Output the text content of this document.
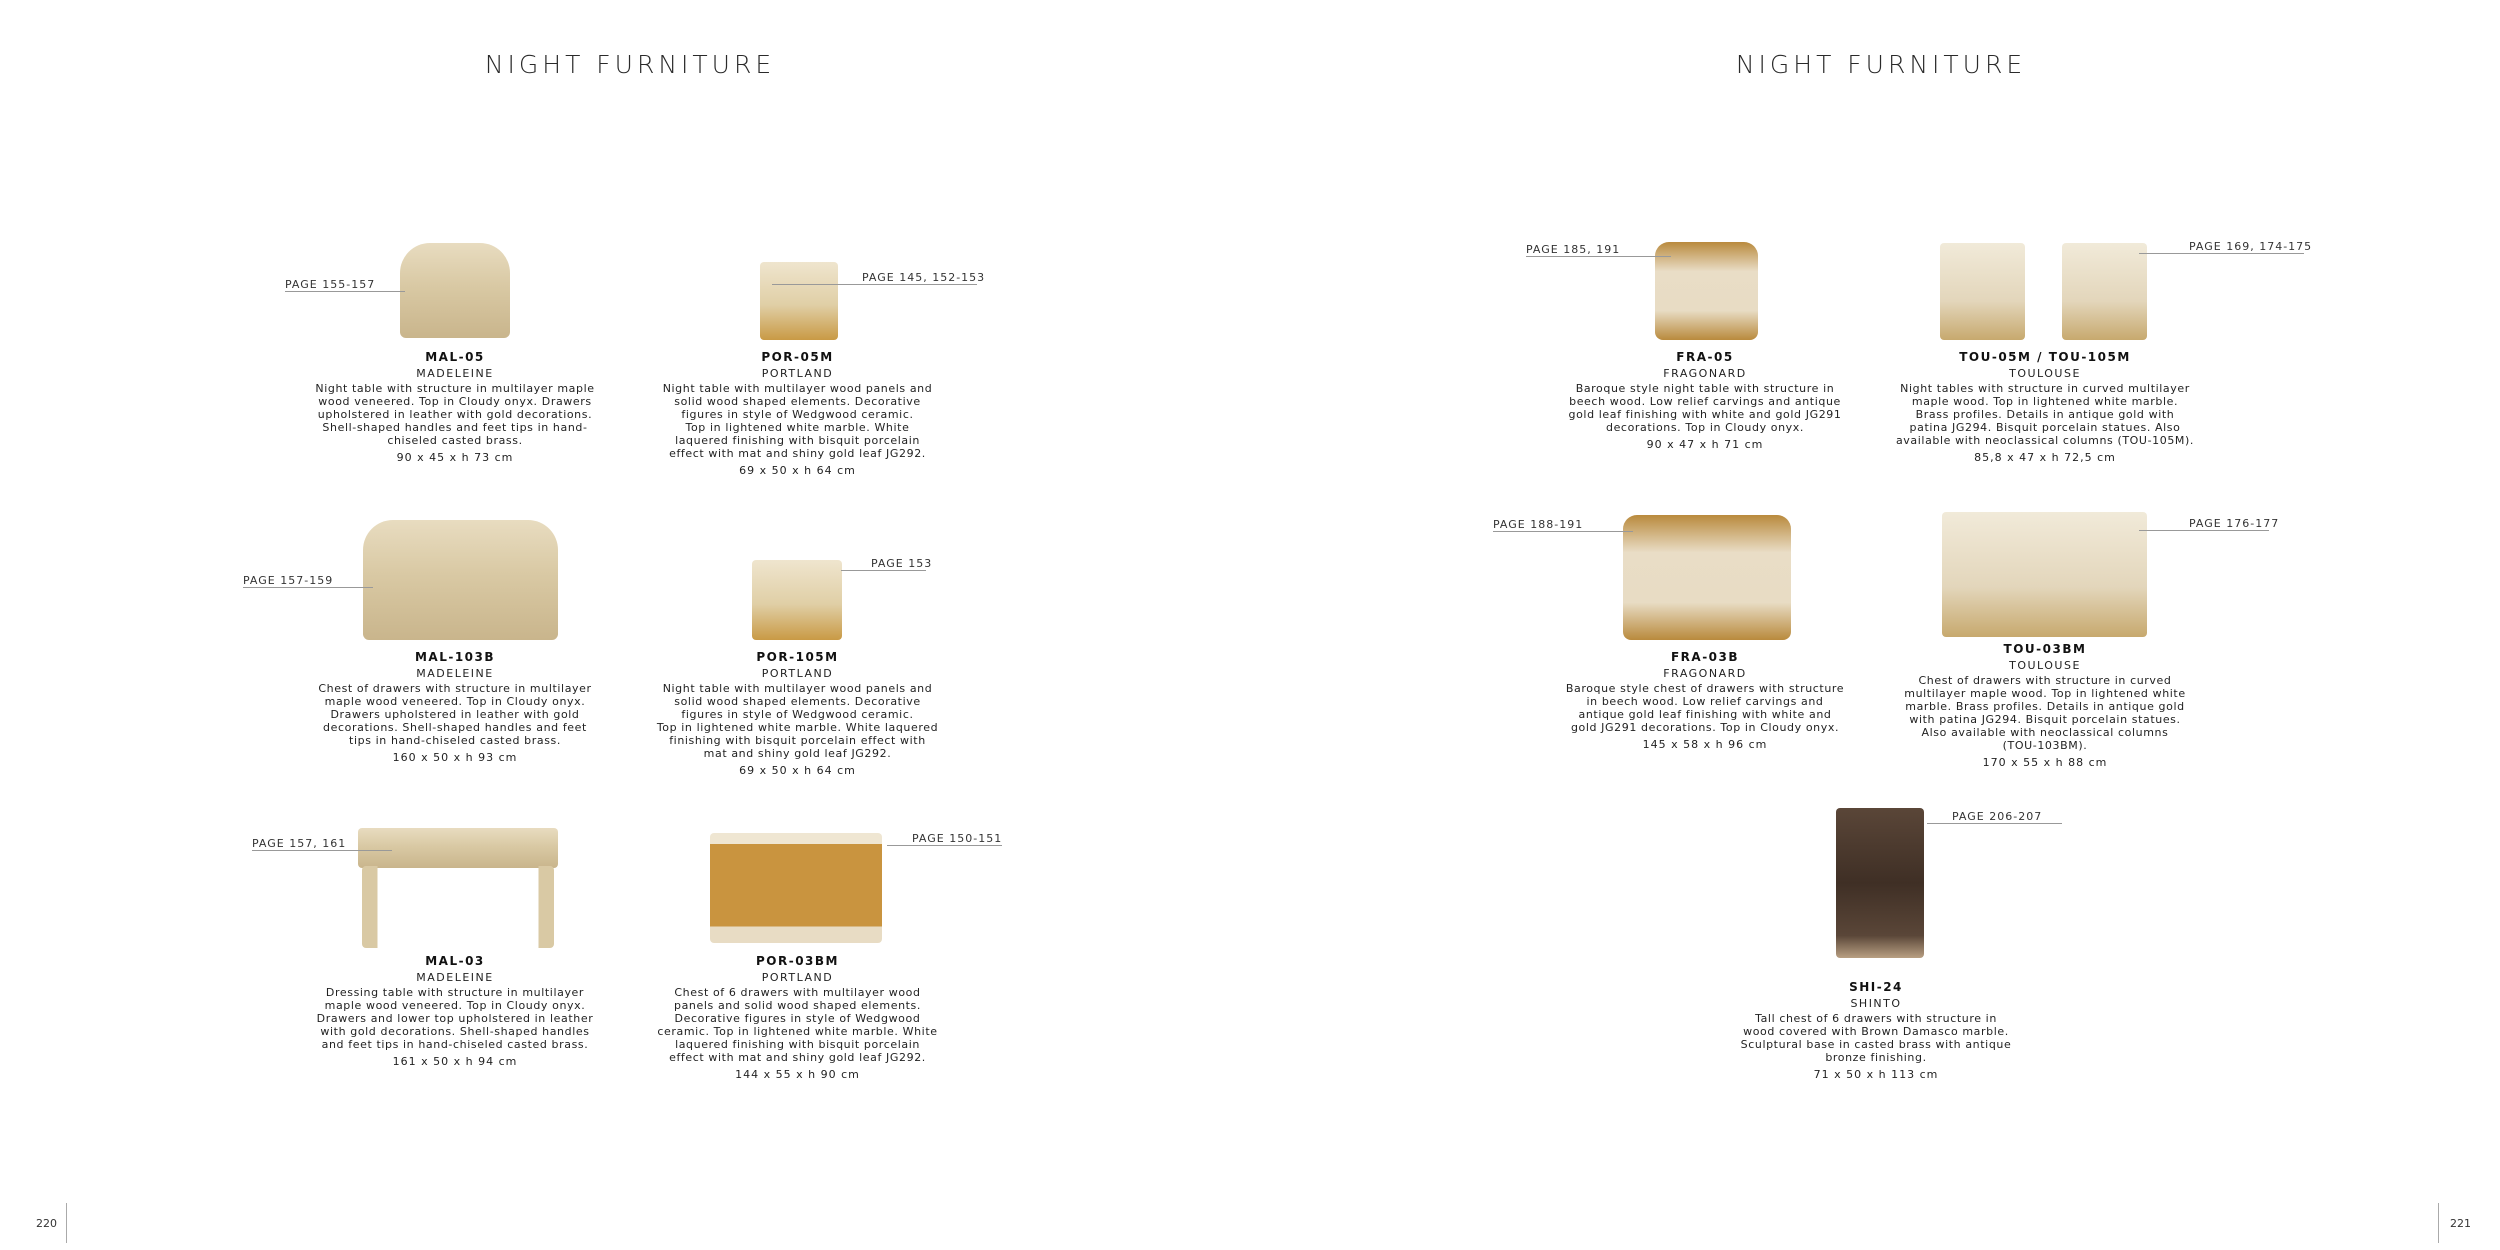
NIGHT FURNITURE
PAGE 155-157
MAL-05
MADELEINE
Night table with structure in multilayer maple
wood veneered. Top in Cloudy onyx. Drawers
upholstered in leather with gold decorations.
Shell-shaped handles and feet tips in hand-
chiseled casted brass.
90 x 45 x h 73 cm
PAGE 145, 152-153
POR-05M
PORTLAND
Night table with multilayer wood panels and
solid wood shaped elements. Decorative
figures in style of Wedgwood ceramic.
Top in lightened white marble. White
laquered finishing with bisquit porcelain
effect with mat and shiny gold leaf JG292.
69 x 50 x h 64 cm
PAGE 157-159
MAL-103B
MADELEINE
Chest of drawers with structure in multilayer
maple wood veneered. Top in Cloudy onyx.
Drawers upholstered in leather with gold
decorations. Shell-shaped handles and feet
tips in hand-chiseled casted brass.
160 x 50 x h 93 cm
PAGE 153
POR-105M
PORTLAND
Night table with multilayer wood panels and
solid wood shaped elements. Decorative
figures in style of Wedgwood ceramic.
Top in lightened white marble. White laquered
finishing with bisquit porcelain effect with
mat and shiny gold leaf JG292.
69 x 50 x h 64 cm
PAGE 157, 161
MAL-03
MADELEINE
Dressing table with structure in multilayer
maple wood veneered. Top in Cloudy onyx.
Drawers and lower top upholstered in leather
with gold decorations. Shell-shaped handles
and feet tips in hand-chiseled casted brass.
161 x 50 x h 94 cm
PAGE 150-151
POR-03BM
PORTLAND
Chest of 6 drawers with multilayer wood
panels and solid wood shaped elements.
Decorative figures in style of Wedgwood
ceramic. Top in lightened white marble. White
laquered finishing with bisquit porcelain
effect with mat and shiny gold leaf JG292.
144 x 55 x h 90 cm
220
NIGHT FURNITURE
PAGE 185, 191
FRA-05
FRAGONARD
Baroque style night table with structure in
beech wood. Low relief carvings and antique
gold leaf finishing with white and gold JG291
decorations. Top in Cloudy onyx.
90 x 47 x h 71 cm
PAGE 169, 174-175
TOU-05M / TOU-105M
TOULOUSE
Night tables with structure in curved multilayer
maple wood. Top in lightened white marble.
Brass profiles. Details in antique gold with
patina JG294. Bisquit porcelain statues. Also
available with neoclassical columns (TOU-105M).
85,8 x 47 x h 72,5 cm
PAGE 188-191
FRA-03B
FRAGONARD
Baroque style chest of drawers with structure
in beech wood. Low relief carvings and
antique gold leaf finishing with white and
gold JG291 decorations. Top in Cloudy onyx.
145 x 58 x h 96 cm
PAGE 176-177
TOU-03BM
TOULOUSE
Chest of drawers with structure in curved
multilayer maple wood. Top in lightened white
marble. Brass profiles. Details in antique gold
with patina JG294. Bisquit porcelain statues.
Also available with neoclassical columns
(TOU-103BM).
170 x 55 x h 88 cm
PAGE 206-207
SHI-24
SHINTO
Tall chest of 6 drawers with structure in
wood covered with Brown Damasco marble.
Sculptural base in casted brass with antique
bronze finishing.
71 x 50 x h 113 cm
221
